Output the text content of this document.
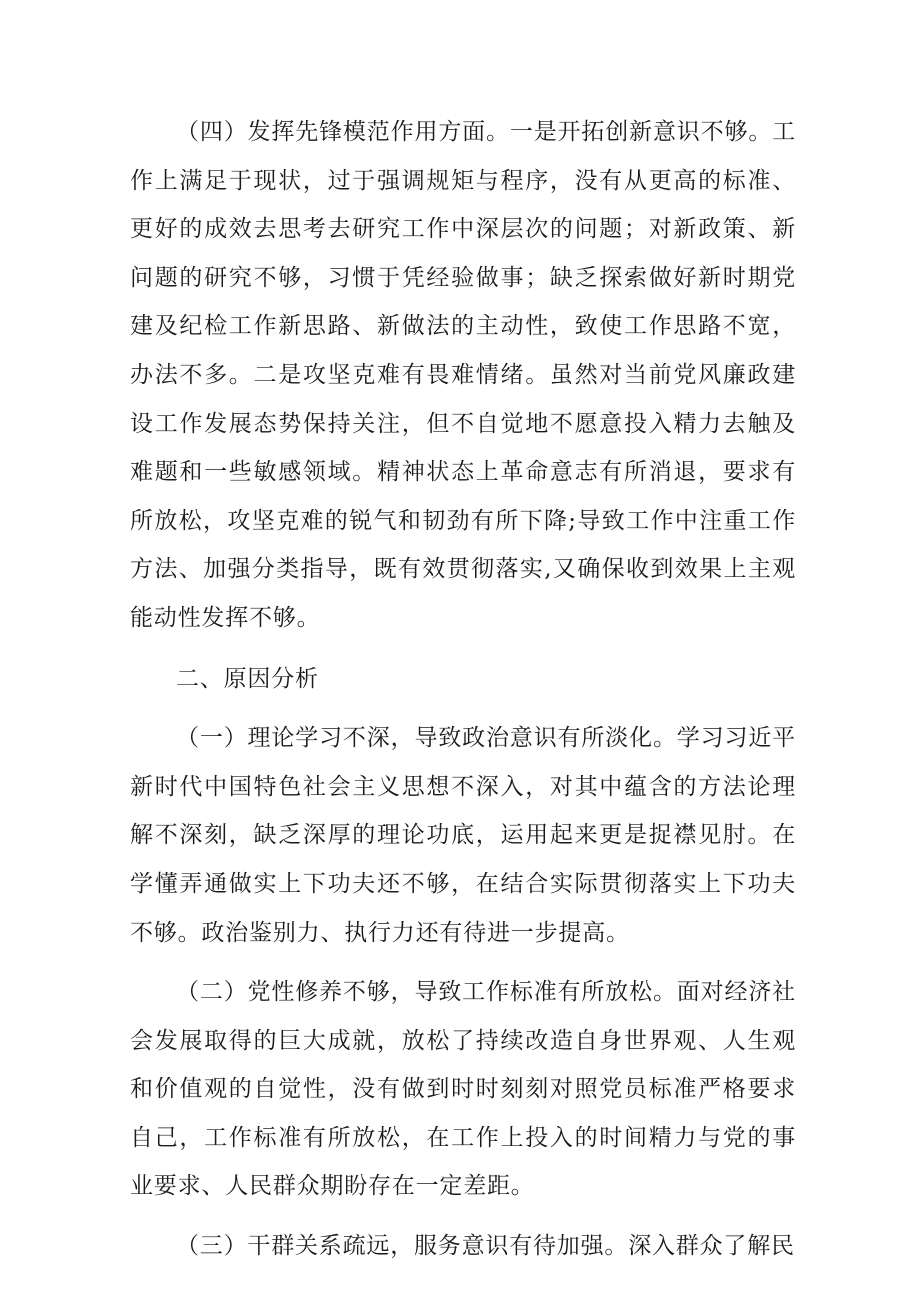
（四）发挥先锋模范作用方面。一是开拓创新意识不够。工作上满足于现状，过于强调规矩与程序，没有从更高的标准、更好的成效去思考去研究工作中深层次的问题；对新政策、新问题的研究不够，习惯于凭经验做事；缺乏探索做好新时期党建及纪检工作新思路、新做法的主动性，致使工作思路不宽，办法不多。二是攻坚克难有畏难情绪。虽然对当前党风廉政建设工作发展态势保持关注，但不自觉地不愿意投入精力去触及难题和一些敏感领域。精神状态上革命意志有所消退，要求有所放松，攻坚克难的锐气和韧劲有所下降;导致工作中注重工作方法、加强分类指导，既有效贯彻落实,又确保收到效果上主观能动性发挥不够。

二、原因分析

（一）理论学习不深，导致政治意识有所淡化。学习习近平新时代中国特色社会主义思想不深入，对其中蕴含的方法论理解不深刻，缺乏深厚的理论功底，运用起来更是捉襟见肘。在学懂弄通做实上下功夫还不够，在结合实际贯彻落实上下功夫不够。政治鉴别力、执行力还有待进一步提高。

（二）党性修养不够，导致工作标准有所放松。面对经济社会发展取得的巨大成就，放松了持续改造自身世界观、人生观和价值观的自觉性，没有做到时时刻刻对照党员标准严格要求自己，工作标准有所放松，在工作上投入的时间精力与党的事业要求、人民群众期盼存在一定差距。

（三）干群关系疏远，服务意识有待加强。深入群众了解民
